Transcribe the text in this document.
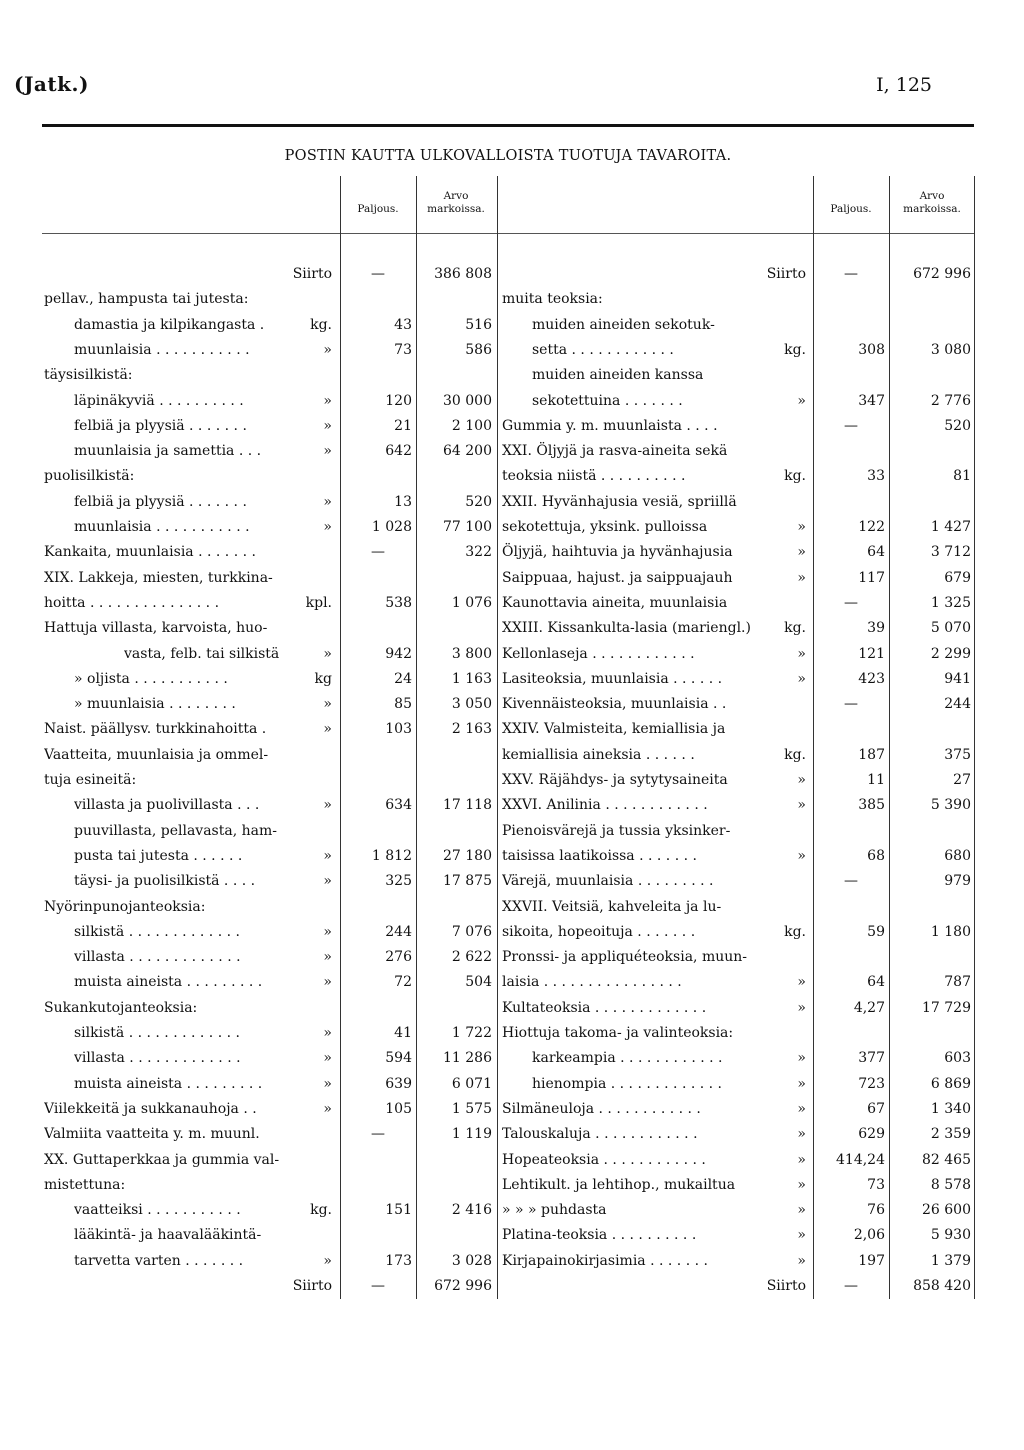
(Jatk.)	I, 125
POSTIN KAUTTA ULKOVALLOISTA TUOTUJA TAVAROITA.
Paljous.
Arvo
markoissa.	Paljous.
Arvo
markoissa.
Siirto	—	386 808
pellav., hampusta tai jutesta:
damastia ja kilpikangasta .	kg.	43	516
muunlaisia . . . . . . . . . . .	»	73	586
täysisilkistä:
läpinäkyviä . . . . . . . . . .	»	120	30 000
felbiä ja plyysiä . . . . . . .	»	21	2 100
muunlaisia ja samettia . . .	»	642	64 200
puolisilkistä:
felbiä ja plyysiä . . . . . . .	»	13	520
muunlaisia . . . . . . . . . . .	»	1 028	77 100
Kankaita, muunlaisia . . . . . . .	—	322
XIX. Lakkeja, miesten, turkkina-
hoitta . . . . . . . . . . . . . . .	kpl.	538	1 076
Hattuja villasta, karvoista, huo-
vasta, felb. tai silkistä	»	942	3 800
» oljista . . . . . . . . . . .	kg	24	1 163
» muunlaisia . . . . . . . .	»	85	3 050
Naist. päällysv. turkkinahoitta .	»	103	2 163
Vaatteita, muunlaisia ja ommel-
tuja esineitä:
villasta ja puolivillasta . . .	»	634	17 118
puuvillasta, pellavasta, ham-
pusta tai jutesta . . . . . .	»	1 812	27 180
täysi- ja puolisilkistä . . . .	»	325	17 875
Nyörinpunojanteoksia:
silkistä . . . . . . . . . . . . .	»	244	7 076
villasta . . . . . . . . . . . . .	»	276	2 622
muista aineista . . . . . . . . .	»	72	504
Sukankutojanteoksia:
silkistä . . . . . . . . . . . . .	»	41	1 722
villasta . . . . . . . . . . . . .	»	594	11 286
muista aineista . . . . . . . . .	»	639	6 071
Viilekkeitä ja sukkanauhoja . .	»	105	1 575
Valmiita vaatteita y. m. muunl.	—	1 119
XX. Guttaperkkaa ja gummia val-
mistettuna:
vaatteiksi . . . . . . . . . . .	kg.	151	2 416
lääkintä- ja haavalääkintä-
tarvetta varten . . . . . . .	»	173	3 028
Siirto	—	672 996
Siirto	—	672 996
muita teoksia:
muiden aineiden sekotuk-
setta . . . . . . . . . . . .	kg.	308	3 080
muiden aineiden kanssa
sekotettuina . . . . . . .	»	347	2 776
Gummia y. m. muunlaista . . . .	—	520
XXI. Öljyjä ja rasva-aineita sekä
teoksia niistä . . . . . . . . . .	kg.	33	81
XXII. Hyvänhajusia vesiä, spriillä
sekotettuja, yksink. pulloissa	»	122	1 427
Öljyjä, haihtuvia ja hyvänhajusia	»	64	3 712
Saippuaa, hajust. ja saippuajauh	»	117	679
Kaunottavia aineita, muunlaisia	—	1 325
XXIII. Kissankulta-lasia (mariengl.)	kg.	39	5 070
Kellonlaseja . . . . . . . . . . . .	»	121	2 299
Lasiteoksia, muunlaisia . . . . . .	»	423	941
Kivennäisteoksia, muunlaisia . .	—	244
XXIV. Valmisteita, kemiallisia ja
kemiallisia aineksia . . . . . .	kg.	187	375
XXV. Räjähdys- ja sytytysaineita	»	11	27
XXVI. Anilinia . . . . . . . . . . . .	»	385	5 390
Pienoisvärejä ja tussia yksinker-
taisissa laatikoissa . . . . . . .	»	68	680
Värejä, muunlaisia . . . . . . . . .	—	979
XXVII. Veitsiä, kahveleita ja lu-
sikoita, hopeoituja . . . . . . .	kg.	59	1 180
Pronssi- ja appliquéteoksia, muun-
laisia . . . . . . . . . . . . . . . .	»	64	787
Kultateoksia . . . . . . . . . . . . .	»	4,27	17 729
Hiottuja takoma- ja valinteoksia:
karkeampia . . . . . . . . . . . .	»	377	603
hienompia . . . . . . . . . . . . .	»	723	6 869
Silmäneuloja . . . . . . . . . . . .	»	67	1 340
Talouskaluja . . . . . . . . . . . .	»	629	2 359
Hopeateoksia . . . . . . . . . . . .	»	414,24	82 465
Lehtikult. ja lehtihop., mukailtua	»	73	8 578
» » » puhdasta	»	76	26 600
Platina-teoksia . . . . . . . . . .	»	2,06	5 930
Kirjapainokirjasimia . . . . . . .	»	197	1 379
Siirto	—	858 420
